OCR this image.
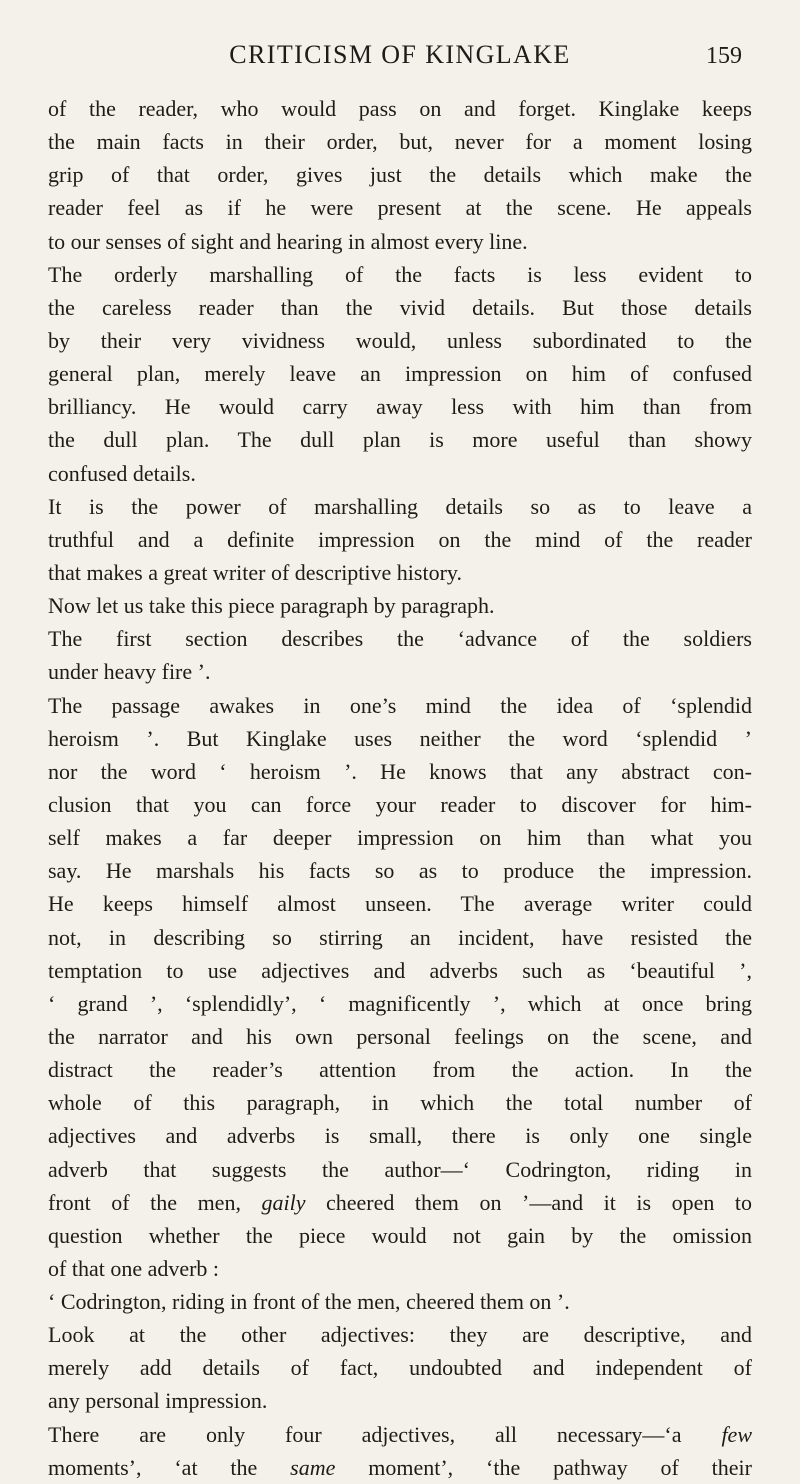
CRITICISM OF KINGLAKE	159
of the reader, who would pass on and forget. Kinglake keeps
the main facts in their order, but, never for a moment losing
grip of that order, gives just the details which make the
reader feel as if he were present at the scene. He appeals
to our senses of sight and hearing in almost every line.
The orderly marshalling of the facts is less evident to
the careless reader than the vivid details. But those details
by their very vividness would, unless subordinated to the
general plan, merely leave an impression on him of confused
brilliancy. He would carry away less with him than from
the dull plan. The dull plan is more useful than showy
confused details.
It is the power of marshalling details so as to leave a
truthful and a definite impression on the mind of the reader
that makes a great writer of descriptive history.
Now let us take this piece paragraph by paragraph.
The first section describes the ‘advance of the soldiers
under heavy fire ’.
The passage awakes in one’s mind the idea of ‘splendid
heroism ’. But Kinglake uses neither the word ‘splendid ’
nor the word ‘ heroism ’. He knows that any abstract con-
clusion that you can force your reader to discover for him-
self makes a far deeper impression on him than what you
say. He marshals his facts so as to produce the impression.
He keeps himself almost unseen. The average writer could
not, in describing so stirring an incident, have resisted the
temptation to use adjectives and adverbs such as ‘beautiful ’,
‘ grand ’, ‘splendidly’, ‘ magnificently ’, which at once bring
the narrator and his own personal feelings on the scene, and
distract the reader’s attention from the action. In the
whole of this paragraph, in which the total number of
adjectives and adverbs is small, there is only one single
adverb that suggests the author—‘ Codrington, riding in
front of the men, gaily cheered them on ’—and it is open to
question whether the piece would not gain by the omission
of that one adverb :
‘ Codrington, riding in front of the men, cheered them on ’.
Look at the other adjectives: they are descriptive, and
merely add details of fact, undoubted and independent of
any personal impression.
There are only four adjectives, all necessary—‘a few
moments’, ‘at the same moment’, ‘the pathway of their
